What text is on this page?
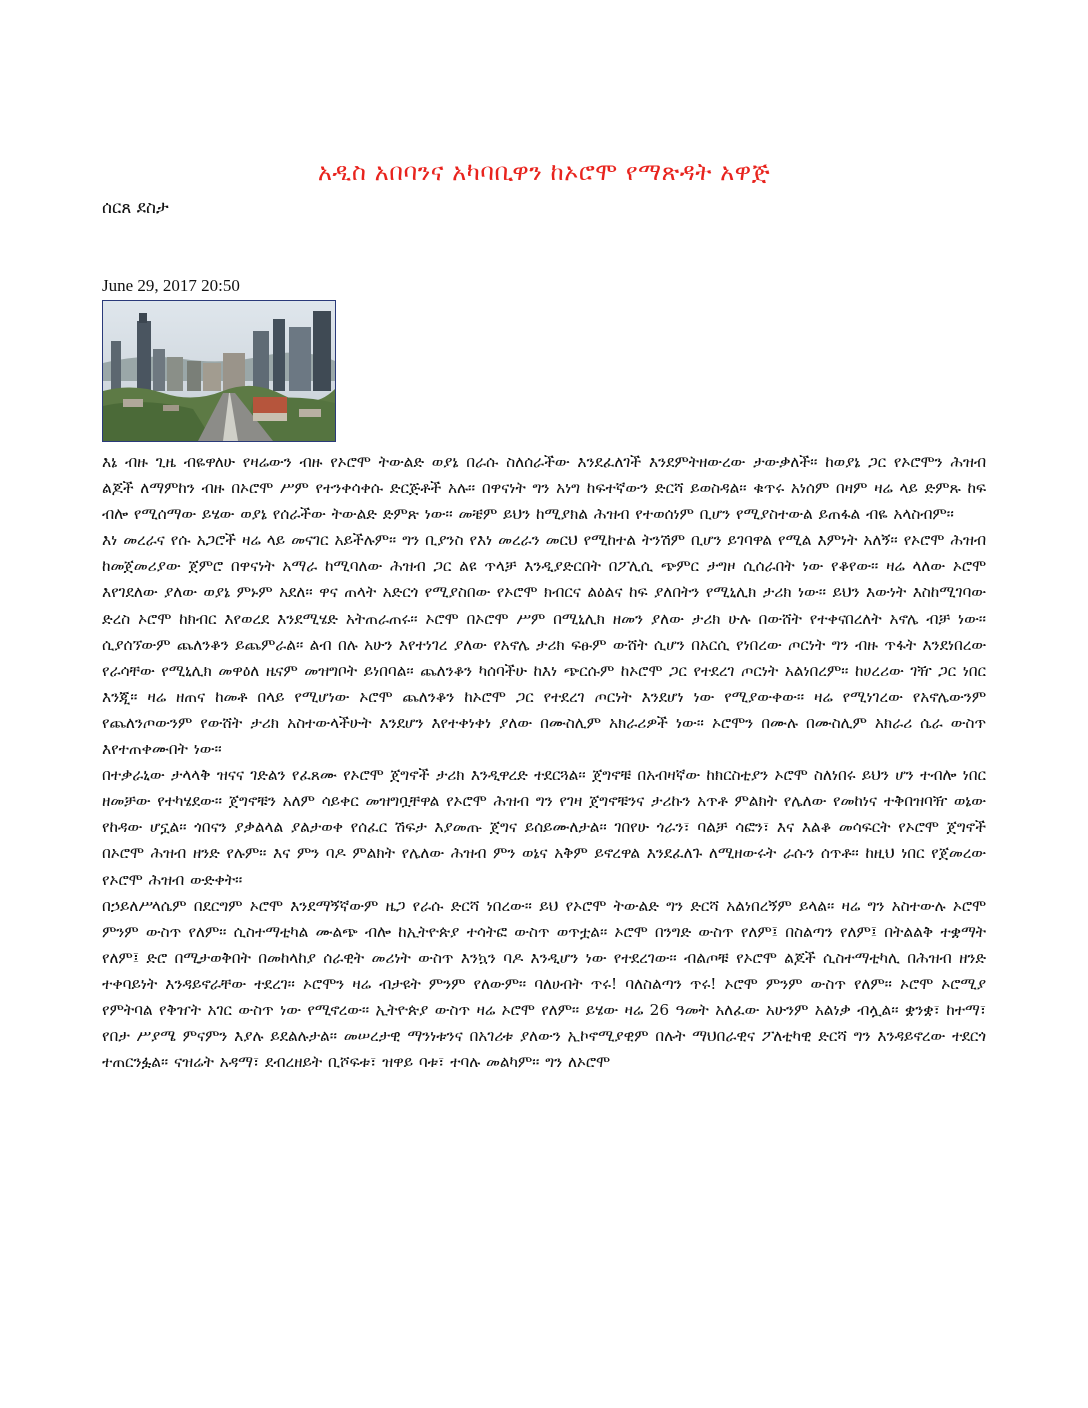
አዲስ አበባንና አካባቢዋን ከኦሮሞ የማጽዳት አዋጅ
ሰርጸ ደስታ
June 29, 2017 20:50

እኔ ብዙ ጊዜ ብዬዋለሁ የዛሬውን ብዙ የኦሮሞ ትውልድ ወያኔ በራሱ ስለሰራችው እንደፈለገች እንደምትዘውረው ታውቃለች፡፡ ከወያኔ ጋር የኦሮሞን ሕዝብ ልጆች ለማምከን ብዙ በኦሮሞ ሥም የተንቀሳቀሱ ድርጅቶች አሉ፡፡ በዋናነት ግን አነግ ከፍተኛውን ድርሻ ይወስዳል፡፡ ቁጥሩ አነሰም በዛም ዛሬ ላይ ድምጹ ከፍ ብሎ የሚሰማው ይሄው ወያኔ የሰራችው ትውልድ ድምጽ ነው፡፡ መቼም ይህን ከሚያክል ሕዝብ የተወሰነም ቢሆን የሚያስተውል ይጠፋል ብዬ አላስብም፡፡

እነ መረራና የሱ አጋሮች ዛሬ ላይ መናገር አይችሉም፡፡ ግን ቢያንስ የእነ መረራን መርህ የሚከተል ትንሽም ቢሆን ይገባዋል የሚል እምነት አለኝ፡፡ የኦሮሞ ሕዝብ ከመጀመሪያው ጀምሮ በዋናነት አማራ ከሚባለው ሕዝብ ጋር ልዩ ጥላቻ እንዲያድርበት በፖሊሲ ጭምር ታግዞ ሲሰራበት ነው የቆየው፡፡ ዛሬ ላለው ኦሮሞ እየገደለው ያለው ወያኔ ምኑም አደለ፡፡ ዋና ጠላት አድርጎ የሚያስበው የኦሮሞ ክብርና ልዕልና ከፍ ያለበትን የሚኒሊክ ታሪክ ነው፡፡ ይህን እውነት እስከሚገባው ድረስ ኦሮሞ ከክብር እየወረደ እንደሚሄድ አትጠራጠሩ፡፡ ኦሮሞ በኦሮሞ ሥም በሚኒሊክ ዘመን ያለው ታሪክ ሁሉ በውሸት የተቀናበረለት አኖሌ ብቻ ነው፡፡ ሲያሰኘውም ጨለንቆን ይጨምራል፡፡ ልብ በሉ አሁን እየተነገረ ያለው የአኖሌ ታሪክ ፍፁም ውሸት ሲሆን በአርሲ የነበረው ጦርነት ግን ብዙ ጥፋት እንደነበረው የራሳቸው የሚኒሊክ መዋዕለ ዜናም መዝግቦት ይነበባል፡፡ ጨለንቆን ካሰባችሁ ከእነ ጭርሱም ከኦሮሞ ጋር የተደረገ ጦርነት አልነበረም፡፡ ከሀረሪው ገዥ ጋር ነበር እንጂ፡፡ ዛሬ ዘጠና ከመቶ በላይ የሚሆነው ኦሮሞ ጨለንቆን ከኦሮሞ ጋር የተደረገ ጦርነት እንደሆነ ነው የሚያውቀው፡፡ ዛሬ የሚነገረው የአኖሌውንም የጨለንጦውንም የውሸት ታሪክ አስተውላችሁት እንደሆን እየተቀነቀነ ያለው በሙስሊም አክራሪዎች ነው፡፡ ኦሮሞን በሙሉ በሙስሊም አክራሪ ሴራ ውስጥ እየተጠቀሙበት ነው፡፡

በተቃራኒው ታላላቅ ዝናና ገድልን የፈጸሙ የኦሮሞ ጀግኖች ታሪክ እንዲዋረድ ተደርጓል፡፡ ጀግኖቹ በአብዛኛው ከክርስቲያን ኦሮሞ ስለነበሩ ይህን ሆን ተብሎ ነበር ዘመቻው የተካሄደው፡፡ ጀግኖቹን አለም ሳይቀር መዝግቧቸዋል የኦሮሞ ሕዝብ ግን የገዛ ጀግኖቹንና ታሪኩን አጥቶ ምልክት የሌለው የመከነና ተቅበዝባዥ ወኔው የከዳው ሆኗል፡፡ ጎበናን ያቃልላል ያልታወቀ የሰፈር ሽፍታ እያመጡ ጀግና ይሰይሙለታል፡፡ ገበየሁ ጎራን፣ ባልቻ ሳፎን፣ እና እልቆ መሳፍርት የኦሮሞ ጀግኖች በኦሮሞ ሕዝብ ዘንድ የሉም፡፡ እና ምን ባዶ ምልክት የሌለው ሕዝብ ምን ወኔና አቅም ይኖረዋል እንደፈለጉ ለሚዘውሩት ራሱን ሰጥቶ፡፡ ከዚህ ነበር የጀመረው የኦሮሞ ሕዝብ ውድቀት፡፡

በኃይለሥላሴም በደርግም ኦሮሞ እንደማኝኛውም ዜጋ የራሱ ድርሻ ነበረው፡፡ ይህ የኦሮሞ ትውልድ ግን ድርሻ አልነበረኝም ይላል፡፡ ዛሬ ግን አስተውሉ ኦሮሞ ምንም ውስጥ የለም፡፡ ሲስተማቲካል ሙልጭ ብሎ ከኢትዮጵያ ተሳትፎ ውስጥ ወጥቷል፡፡ ኦሮሞ በንግድ ውስጥ የለም፤ በስልጣን የለም፤ በትልልቅ ተቋማት የለም፤ ድሮ በሚታወቅበት በመከላከያ ሰራዊት መሪነት ውስጥ እንኳን ባዶ እንዲሆን ነው የተደረገው፡፡ ብልጦቹ የኦሮሞ ልጆች ሲስተማቲካሊ በሕዝብ ዘንድ ተቀባይነት እንዳይኖራቸው ተደረገ፡፡ ኦሮሞን ዛሬ ብታዩት ምንም የለውም፡፡ ባለሀብት ጥሩ! ባለስልጣን ጥሩ! ኦሮሞ ምንም ውስጥ የለም፡፡ ኦሮሞ ኦሮሚያ የምትባል የቅዠት አገር ውስጥ ነው የሚኖረው፡፡ ኢትዮጵያ ውስጥ ዛሬ ኦሮሞ የለም፡፡ ይሄው ዛሬ 26 ዓመት አለፈው አሁንም አልነቃ ብሏል፡፡ ቋንቋ፣ ከተማ፣ የበታ ሥያሜ ምናምን እያሉ ይደልሉታል፡፡ መሠረታዊ ማንነቱንና በአገሪቱ ያለውን ኢኮኖሚያዊም በሉት ማህበራዊና ፖለቲካዊ ድርሻ ግን እንዳይኖረው ተደርጎ ተጠርንፏል፡፡ ናዝሬት አዳማ፣ ደብረዘይት ቢሾፍቱ፣ ዝዋይ ባቱ፣ ተባሉ መልካም፡፡ ግን ለኦሮሞ
